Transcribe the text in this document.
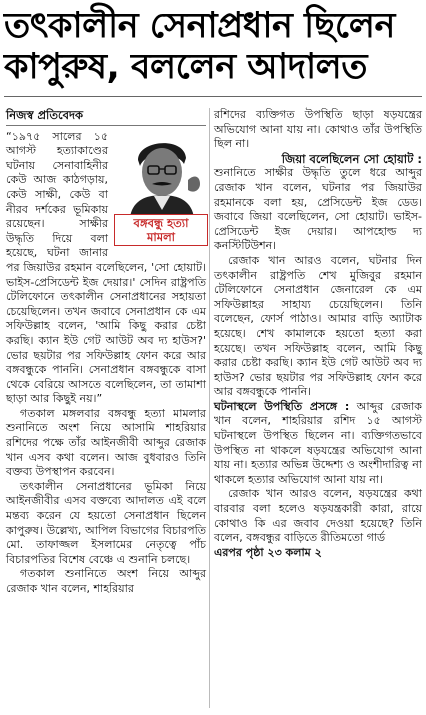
তৎকালীন সেনাপ্রধান ছিলেন
কাপুরুষ, বললেন আদালত
নিজস্ব প্রতিবেদক
বঙ্গবন্ধু হত্যা
মামলা

“১৯৭৫ সালের ১৫ আগস্ট হত্যাকাণ্ডের ঘটনায় সেনাবাহিনীর কেউ আজ কাঠগড়ায়, কেউ সাক্ষী, কেউ বা নীরব দর্শকের ভূমিকায় রয়েছেন। সাক্ষীর উদ্ধৃতি দিয়ে বলা হয়েছে, ঘটনা জানার পর জিয়াউর রহমান বলেছিলেন, 'সো হোয়াট। ভাইস-প্রেসিডেন্ট ইজ দেয়ার।' সেদিন রাষ্ট্রপতি টেলিফোনে তৎকালীন সেনাপ্রধানের সহায়তা চেয়েছিলেন। তখন জবাবে সেনাপ্রধান কে এম সফিউল্লাহ বলেন, 'আমি কিছু করার চেষ্টা করছি। ক্যান ইউ গেট আউট অব দ্য হাউস?' ভোর ছয়টার পর সফিউল্লাহ ফোন করে আর বঙ্গবন্ধুকে পাননি। সেনাপ্রধান বঙ্গবন্ধুকে বাসা থেকে বেরিয়ে আসতে বলেছিলেন, তা তামাশা ছাড়া আর কিছুই নয়।”

গতকাল মঙ্গলবার বঙ্গবন্ধু হত্যা মামলার শুনানিতে অংশ নিয়ে আসামি শাহরিয়ার রশিদের পক্ষে তাঁর আইনজীবী আব্দুর রেজাক খান এসব কথা বলেন। আজ বুধবারও তিনি বক্তব্য উপস্থাপন করবেন।

তৎকালীন সেনাপ্রধানের ভূমিকা নিয়ে আইনজীবীর এসব বক্তব্যে আদালত এই বলে মন্তব্য করেন যে হয়তো সেনাপ্রধান ছিলেন কাপুরুষ। উল্লেখ্য, আপিল বিভাগের বিচারপতি মো. তাফাজ্জল ইসলামের নেতৃত্বে পাঁচ বিচারপতির বিশেষ বেঞ্চে এ শুনানি চলছে।

গতকাল শুনানিতে অংশ নিয়ে আব্দুর রেজাক খান বলেন, শাহরিয়ার

রশিদের ব্যক্তিগত উপস্থিতি ছাড়া ষড়যন্ত্রের অভিযোগ আনা যায় না। কোথাও তাঁর উপস্থিতি ছিল না।

জিয়া বলেছিলেন সো হোয়াট :

শুনানিতে সাক্ষীর উদ্ধৃতি তুলে ধরে আব্দুর রেজাক খান বলেন, ঘটনার পর জিয়াউর রহমানকে বলা হয়, প্রেসিডেন্ট ইজ ডেড। জবাবে জিয়া বলেছিলেন, সো হোয়াট। ভাইস-প্রেসিডেন্ট ইজ দেয়ার। আপহোল্ড দ্য কনস্টিটিউশন।

রেজাক খান আরও বলেন, ঘটনার দিন তৎকালীন রাষ্ট্রপতি শেখ মুজিবুর রহমান টেলিফোনে সেনাপ্রধান জেনারেল কে এম সফিউল্লাহর সাহায্য চেয়েছিলেন। তিনি বলেছেন, ফোর্স পাঠাও। আমার বাড়ি অ্যাটাক হয়েছে। শেখ কামালকে হয়তো হত্যা করা হয়েছে। তখন সফিউল্লাহ বলেন, আমি কিছু করার চেষ্টা করছি। ক্যান ইউ গেট আউট অব দ্য হাউস? ভোর ছয়টার পর সফিউল্লাহ ফোন করে আর বঙ্গবন্ধুকে পাননি।

ঘটনাস্থলে উপস্থিতি প্রসঙ্গে : আব্দুর রেজাক খান বলেন, শাহরিয়ার রশিদ ১৫ আগস্ট ঘটনাস্থলে উপস্থিত ছিলেন না। ব্যক্তিগতভাবে উপস্থিত না থাকলে ষড়যন্ত্রের অভিযোগ আনা যায় না। হত্যার অভিন্ন উদ্দেশ্য ও অংশীদারিত্ব না থাকলে হত্যার অভিযোগ আনা যায় না।

রেজাক খান আরও বলেন, ষড়যন্ত্রের কথা বারবার বলা হলেও ষড়যন্ত্রকারী কারা, রায়ে কোথাও কি এর জবাব দেওয়া হয়েছে? তিনি বলেন, বঙ্গবন্ধুর বাড়িতে রীতিমতো গার্ড

এরপর পৃষ্ঠা ২৩ কলাম ২
